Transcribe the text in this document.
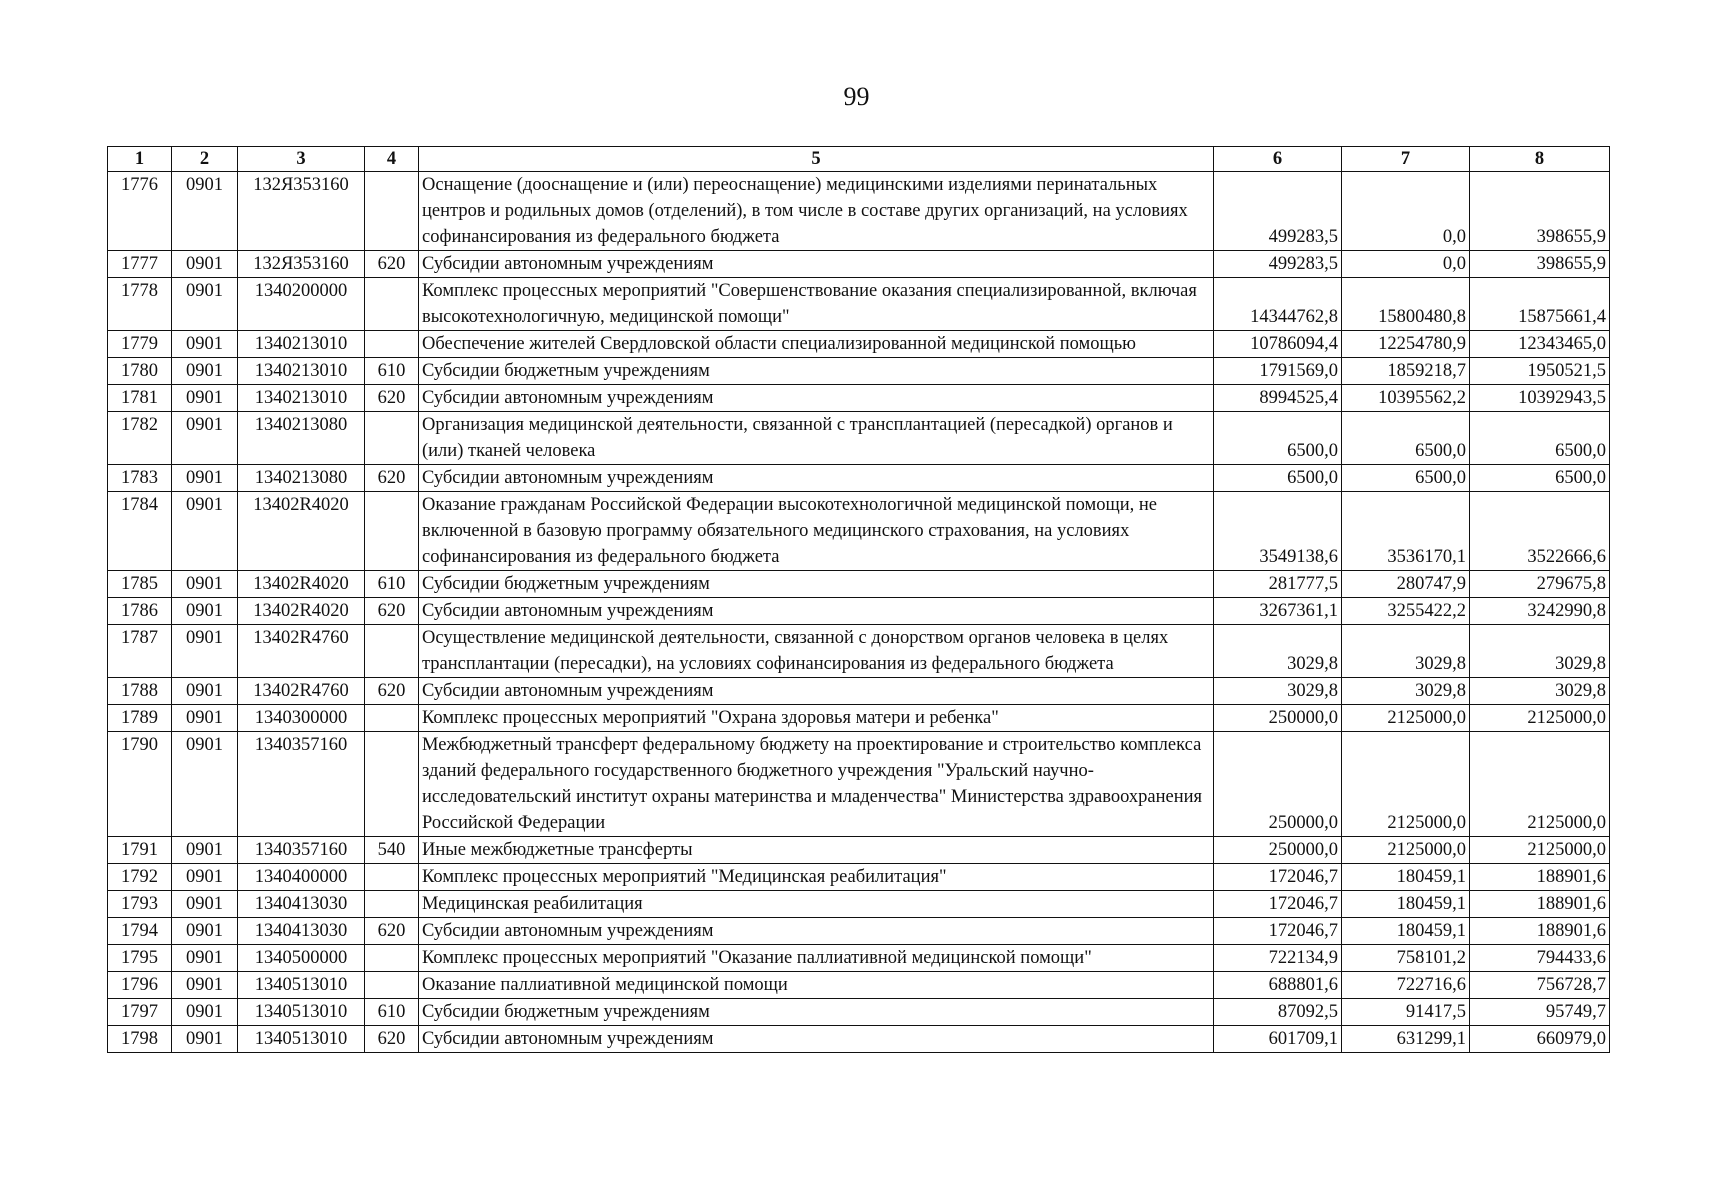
99
1	2	3	4	5	6	7	8
1776	0901	132Я353160		Оснащение (дооснащение и (или) переоснащение) медицинскими изделиями перинатальных центров и родильных домов (отделений), в том числе в составе других организаций, на условиях софинансирования из федерального бюджета	499283,5	0,0	398655,9
1777	0901	132Я353160	620	Субсидии автономным учреждениям	499283,5	0,0	398655,9
1778	0901	1340200000		Комплекс процессных мероприятий "Совершенствование оказания специализированной, включая высокотехнологичную, медицинской помощи"	14344762,8	15800480,8	15875661,4
1779	0901	1340213010		Обеспечение жителей Свердловской области специализированной медицинской помощью	10786094,4	12254780,9	12343465,0
1780	0901	1340213010	610	Субсидии бюджетным учреждениям	1791569,0	1859218,7	1950521,5
1781	0901	1340213010	620	Субсидии автономным учреждениям	8994525,4	10395562,2	10392943,5
1782	0901	1340213080		Организация медицинской деятельности, связанной с трансплантацией (пересадкой) органов и (или) тканей человека	6500,0	6500,0	6500,0
1783	0901	1340213080	620	Субсидии автономным учреждениям	6500,0	6500,0	6500,0
1784	0901	13402R4020		Оказание гражданам Российской Федерации высокотехнологичной медицинской помощи, не включенной в базовую программу обязательного медицинского страхования, на условиях софинансирования из федерального бюджета	3549138,6	3536170,1	3522666,6
1785	0901	13402R4020	610	Субсидии бюджетным учреждениям	281777,5	280747,9	279675,8
1786	0901	13402R4020	620	Субсидии автономным учреждениям	3267361,1	3255422,2	3242990,8
1787	0901	13402R4760		Осуществление медицинской деятельности, связанной с донорством органов человека в целях трансплантации (пересадки), на условиях софинансирования из федерального бюджета	3029,8	3029,8	3029,8
1788	0901	13402R4760	620	Субсидии автономным учреждениям	3029,8	3029,8	3029,8
1789	0901	1340300000		Комплекс процессных мероприятий "Охрана здоровья матери и ребенка"	250000,0	2125000,0	2125000,0
1790	0901	1340357160		Межбюджетный трансферт федеральному бюджету на проектирование и строительство комплекса зданий федерального государственного бюджетного учреждения "Уральский научно-исследовательский институт охраны материнства и младенчества" Министерства здравоохранения Российской Федерации	250000,0	2125000,0	2125000,0
1791	0901	1340357160	540	Иные межбюджетные трансферты	250000,0	2125000,0	2125000,0
1792	0901	1340400000		Комплекс процессных мероприятий "Медицинская реабилитация"	172046,7	180459,1	188901,6
1793	0901	1340413030		Медицинская реабилитация	172046,7	180459,1	188901,6
1794	0901	1340413030	620	Субсидии автономным учреждениям	172046,7	180459,1	188901,6
1795	0901	1340500000		Комплекс процессных мероприятий "Оказание паллиативной медицинской помощи"	722134,9	758101,2	794433,6
1796	0901	1340513010		Оказание паллиативной медицинской помощи	688801,6	722716,6	756728,7
1797	0901	1340513010	610	Субсидии бюджетным учреждениям	87092,5	91417,5	95749,7
1798	0901	1340513010	620	Субсидии автономным учреждениям	601709,1	631299,1	660979,0
